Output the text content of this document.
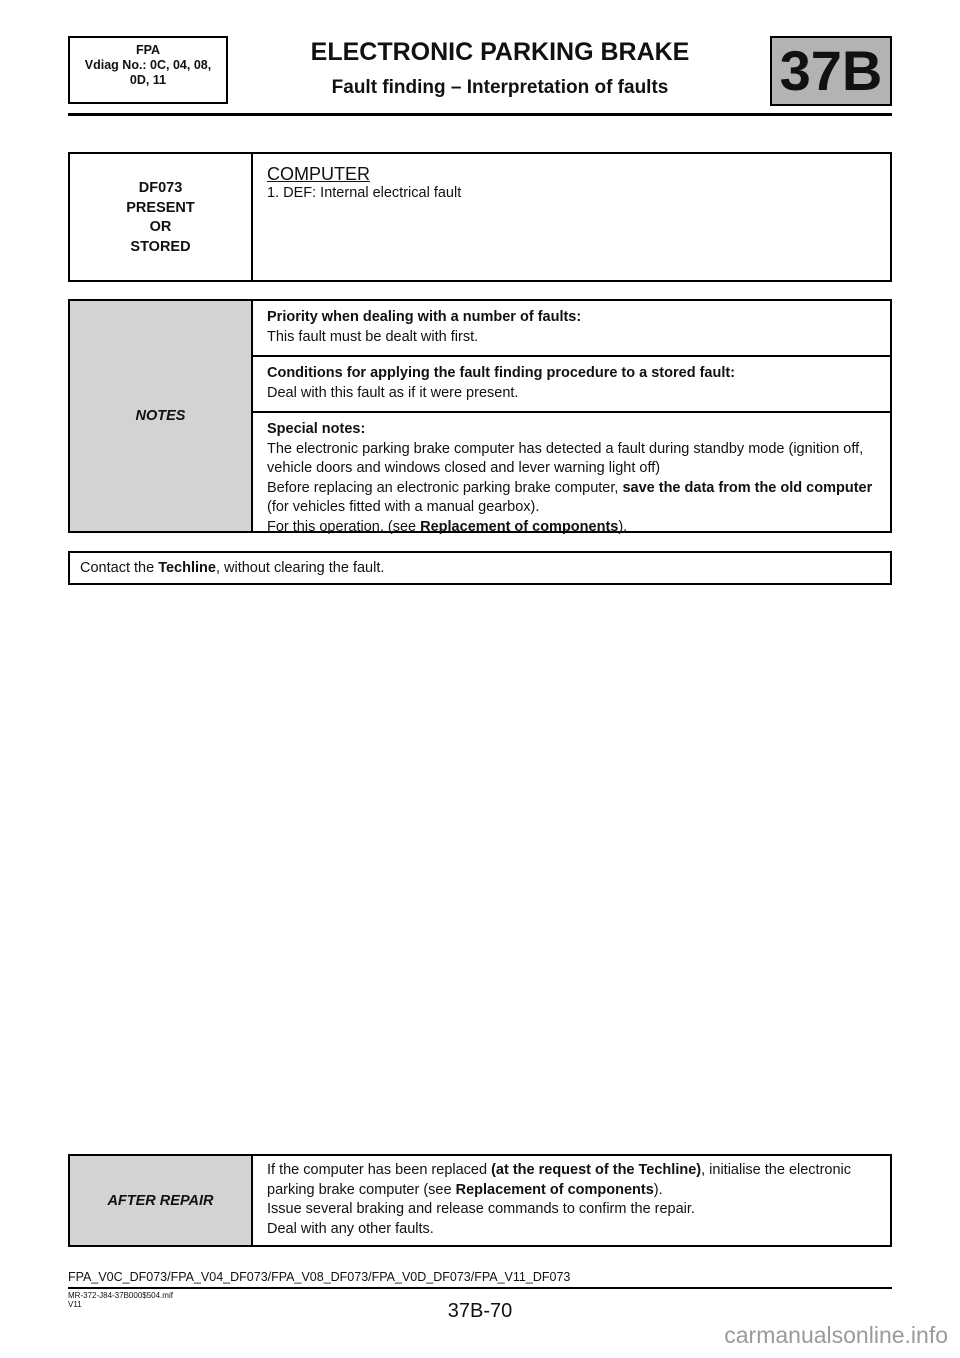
FPA
Vdiag No.: 0C, 04, 08,
0D, 11
ELECTRONIC PARKING BRAKE
Fault finding – Interpretation of faults	37B
DF073
PRESENT
OR
STORED
COMPUTER
1. DEF: Internal electrical fault
NOTES
Priority when dealing with a number of faults:
This fault must be dealt with first.
Conditions for applying the fault finding procedure to a stored fault:
Deal with this fault as if it were present.
Special notes:
The electronic parking brake computer has detected a fault during standby mode (ignition off, vehicle doors and windows closed and lever warning light off)
Before replacing an electronic parking brake computer, save the data from the old computer (for vehicles fitted with a manual gearbox).
For this operation, (see Replacement of components).
Contact the Techline, without clearing the fault.
AFTER REPAIR
If the computer has been replaced (at the request of the Techline), initialise the electronic parking brake computer (see Replacement of components).
Issue several braking and release commands to confirm the repair.
Deal with any other faults.
FPA_V0C_DF073/FPA_V04_DF073/FPA_V08_DF073/FPA_V0D_DF073/FPA_V11_DF073
MR-372-J84-37B000$504.mif
V11	37B-70
carmanualsonline.info
